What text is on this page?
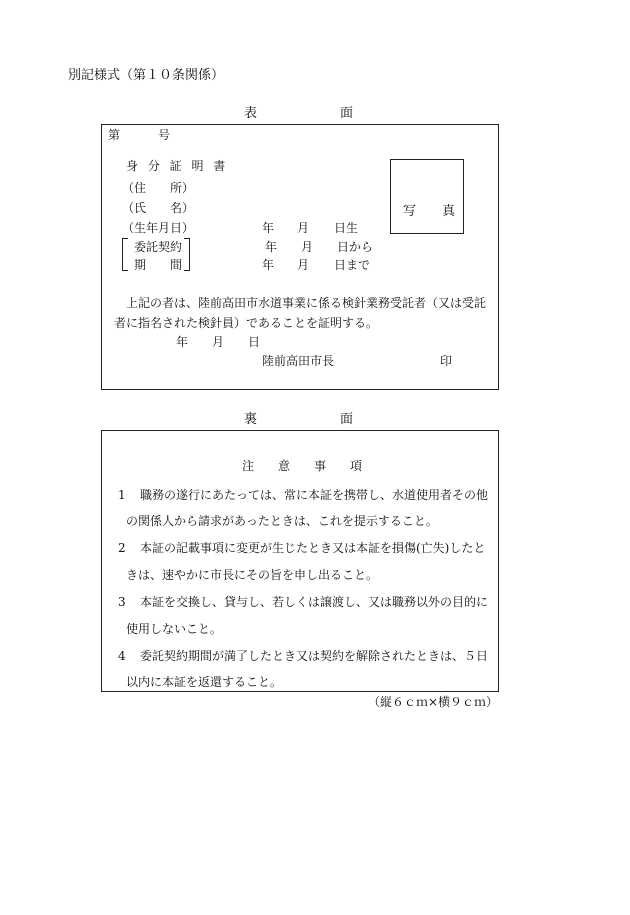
別記様式（第１０条関係）
表	面
第	号
身 分 証 明 書
（住　　所）
（氏　　名）
（生年月日）	年 月 日生
委託契約	年 月 日から
期　　間	年 月 日まで
写　　真
上記の者は、陸前高田市水道事業に係る検針業務受託者（又は受託
者に指名された検針員）であることを証明する。
年 月 日
陸前高田市長	印
裏	面
注　　意　　事　　項
1 職務の遂行にあたっては、常に本証を携帯し、水道使用者その他
の関係人から請求があったときは、これを提示すること。
2 本証の記載事項に変更が生じたとき又は本証を損傷(亡失)したと
きは、速やかに市長にその旨を申し出ること。
3 本証を交換し、貸与し、若しくは譲渡し、又は職務以外の目的に
使用しないこと。
4 委託契約期間が満了したとき又は契約を解除されたときは、５日
以内に本証を返還すること。
（縦６ｃｍ×横９ｃｍ）
